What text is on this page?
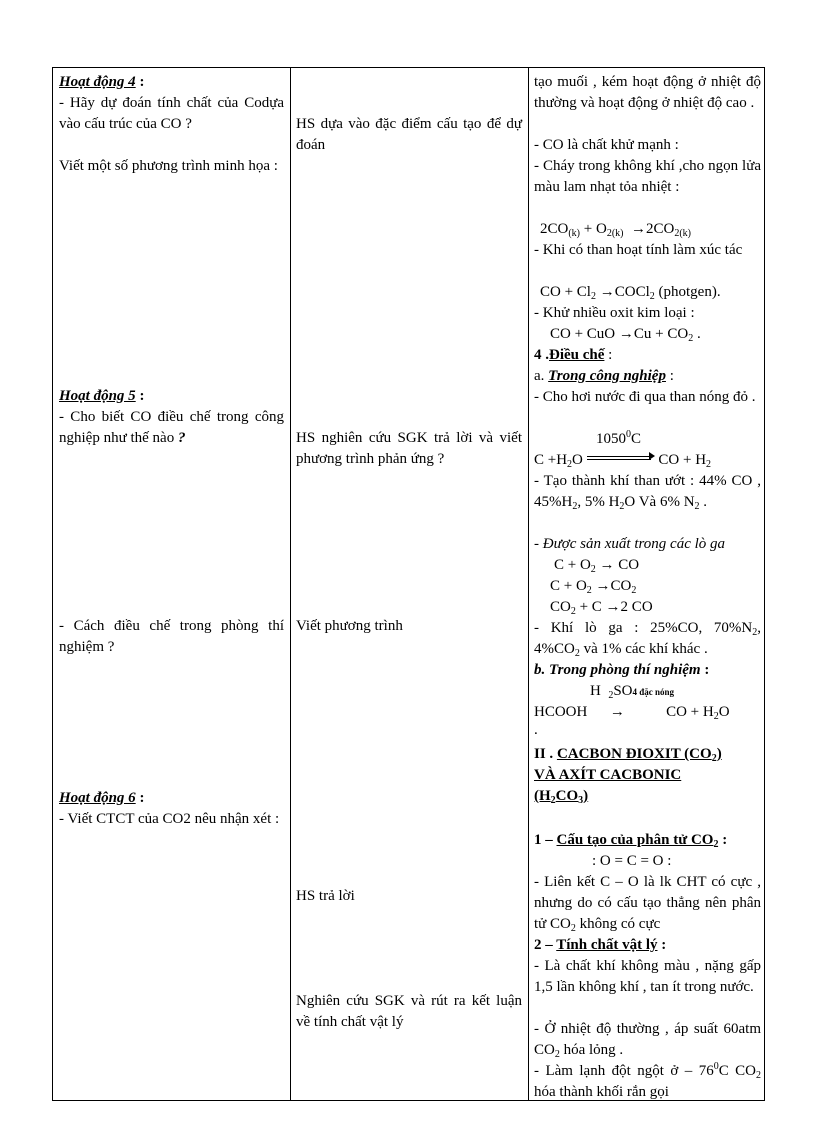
Hoạt động 4 :
- Hãy dự đoán tính chất của Codựa vào cấu trúc của CO ?
Viết một số phương trình minh họa :
Hoạt động 5 :
- Cho biết CO điều chế trong công nghiệp như thế nào ?
- Cách điều chế trong phòng thí nghiệm ?
Hoạt động 6 :
- Viết CTCT của CO2 nêu nhận xét :
HS dựa vào đặc điểm cấu tạo để dự đoán
HS nghiên cứu SGK trả lời và viết phương trình phản ứng ?
Viết phương trình
HS trả lời
Nghiên cứu SGK và rút ra kết luận về tính chất vật lý
tạo muối , kém hoạt động ở nhiệt độ thường và hoạt động ở nhiệt độ cao .
- CO là chất khử mạnh :
- Cháy trong không khí ,cho ngọn lửa màu lam nhạt tỏa nhiệt :
$2CO_{(k)} + O_{2(k)} \to 2CO_{2(k)}$
- Khi có than hoạt tính làm xúc tác
CO + $Cl_2$ →COCl$_2$ (photgen).
- Khử nhiều oxit kim loại :
CO + CuO $\to Cu + CO_2$ .
4 .Điều chế :
a. Trong công nghiệp :
- Cho hơi nước đi qua than nóng đỏ .
1050$^0$C
$C +H_2O$	CO + $H_2$
- Tạo thành khí than ướt : 44% CO , $45\%H_2$, 5% $H_2O$ Và 6% $N_2$ .
- Được sản xuất trong các lò ga
$C + O_2$ → CO
$C + O_2 \to CO_2$
$CO_2 + C \to 2$ CO
- Khí lò ga : 25%CO, $70\%N_2$, $4\%CO_2$ và 1% các khí khác .
b. Trong phòng thí nghiệm :
H  $_2$SO4 đặc nóng
HCOOH      →           CO + $H_2O$
.
II . CACBON ĐIOXIT $(CO_2)$
VÀ AXÍT CACBONIC
$(H_2CO_3)$
1 – Cấu tạo của phân tử $CO_2$ :
: O = C = O :
- Liên kết C – O là lk CHT có cực , nhưng do có cấu tạo thẳng nên phân tử $CO_2$ không có cực
2 – Tính chất vật lý :
- Là chất khí không màu , nặng gấp 1,5 lần không khí , tan ít trong nước.
- Ở nhiệt độ thường , áp suất 60atm $CO_2$ hóa lỏng .
- Làm lạnh đột ngột ở – $76^0C$ $CO_2$ hóa thành khối rắn gọi
